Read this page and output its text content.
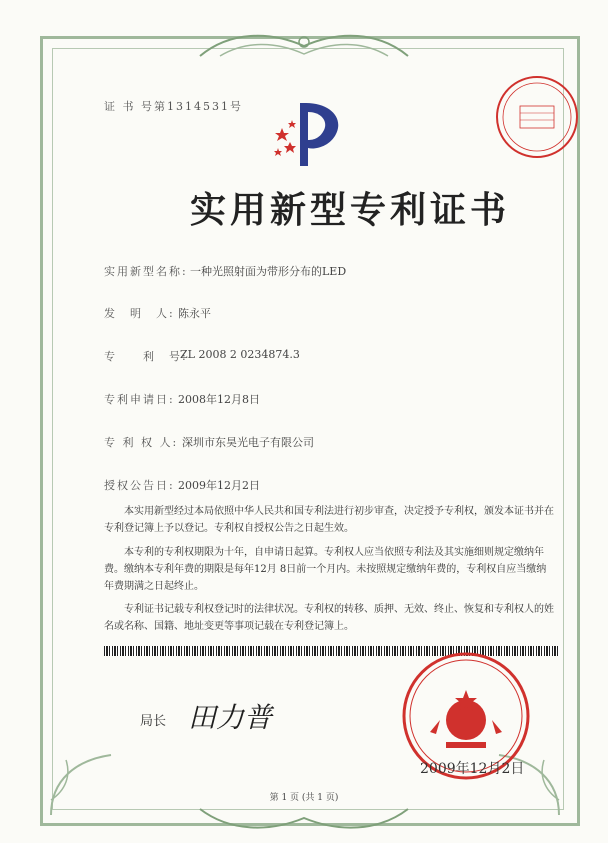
证 书 号第1314531号
实用新型专利证书
实用新型名称: 一种光照射面为带形分布的LED
发　明　人: 陈永平
专　　利　号:
ZL 2008 2 0234874.3
专利申请日: 2008年12月8日
专 利 权 人: 深圳市东昊光电子有限公司
授权公告日: 2009年12月2日
本实用新型经过本局依照中华人民共和国专利法进行初步审查，决定授予专利权，颁发本证书并在专利登记簿上予以登记。专利权自授权公告之日起生效。
本专利的专利权期限为十年，自申请日起算。专利权人应当依照专利法及其实施细则规定缴纳年费。缴纳本专利年费的期限是每年12月 8日前一个月内。未按照规定缴纳年费的，专利权自应当缴纳年费期满之日起终止。
专利证书记载专利权登记时的法律状况。专利权的转移、质押、无效、终止、恢复和专利权人的姓名或名称、国籍、地址变更等事项记载在专利登记簿上。
局长 田力普
2009年12月2日
第 1 页 (共 1 页)
